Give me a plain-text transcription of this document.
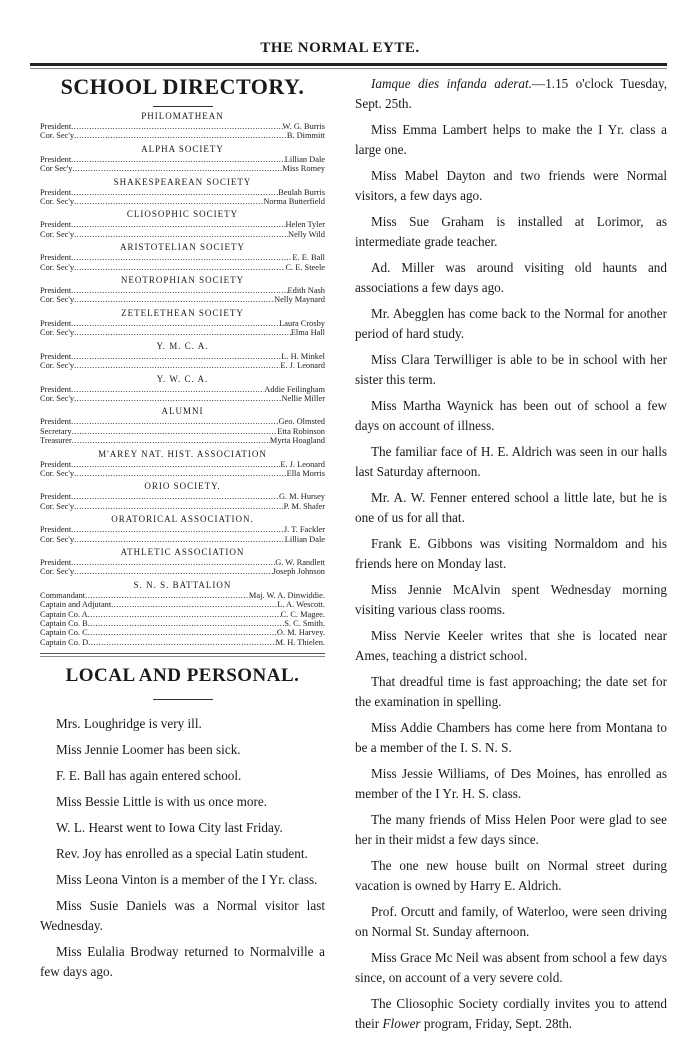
THE NORMAL EYTE.
SCHOOL DIRECTORY.
PHILOMATHEAN
President .....	W. G. Burris
Cor. Sec'y .....	B. Dimmitt
ALPHA SOCIETY
President .....	Lillian Dale
Cor Sec'y .....	Miss Romey
SHAKESPEAREAN SOCIETY
President .....	Beulah Burris
Cor. Sec'y .....	Norma Butterfield
CLIOSOPHIC SOCIETY
President .....	Helen Tyler
Cor. Sec'y .....	Nelly Wild
ARISTOTELIAN SOCIETY
President .....	E. E. Ball
Cor. Sec'y .....	C. E. Steele
NEOTROPHIAN SOCIETY
President .....	Edith Nash
Cor. Sec'y .....	Nelly Maynard
ZETELETHEAN SOCIETY
President .....	Laura Crosby
Cor. Sec'y .....	Elma Hall
Y. M. C. A.
President .....	L. H. Minkel
Cor. Sec'y .....	E. J. Leonard
Y. W. C. A.
President .....	Addie Feilingham
Cor. Sec'y .....	Nellie Miller
ALUMNI
President .....	Geo. Olmsted
Secretary .....	Etta Robinson
Treasurer .....	Myrta Hoagland
M'AREY NAT. HIST. ASSOCIATION
President .....	E. J. Leonard
Cor. Sec'y .....	Ella Morris
ORIO SOCIETY.
President .....	G. M. Hursey
Cor. Sec'y .....	P. M. Shafer
ORATORICAL ASSOCIATION.
President .....	J. T. Fackler
Cor. Sec'y .....	Lillian Dale
ATHLETIC ASSOCIATION
President .....	G. W. Randlett
Cor. Sec'y .....	Joseph Johnson
S. N. S. BATTALION
Commandant .....	Maj. W. A. Dinwiddie.
Captain and Adjutant .....	L. A. Wescott.
Captain Co. A .....	C. C. Magee.
Captain Co. B .....	S. C. Smith.
Captain Co. C .....	O. M. Harvey.
Captain Co. D .....	M. H. Thielen.
LOCAL AND PERSONAL.

Mrs. Loughridge is very ill.

Miss Jennie Loomer has been sick.

F. E. Ball has again entered school.

Miss Bessie Little is with us once more.

W. L. Hearst went to Iowa City last Friday.

Rev. Joy has enrolled as a special Latin student.

Miss Leona Vinton is a member of the I Yr. class.

Miss Susie Daniels was a Normal visitor last Wednesday.

Miss Eulalia Brodway returned to Normalville a few days ago.

Iamque dies infanda aderat.—1.15 o'clock Tuesday, Sept. 25th.

Miss Emma Lambert helps to make the I Yr. class a large one.

Miss Mabel Dayton and two friends were Normal visitors, a few days ago.

Miss Sue Graham is installed at Lorimor, as intermediate grade teacher.

Ad. Miller was around visiting old haunts and associations a few days ago.

Mr. Abegglen has come back to the Normal for another period of hard study.

Miss Clara Terwilliger is able to be in school with her sister this term.

Miss Martha Waynick has been out of school a few days on account of illness.

The familiar face of H. E. Aldrich was seen in our halls last Saturday afternoon.

Mr. A. W. Fenner entered school a little late, but he is one of us for all that.

Frank E. Gibbons was visiting Normaldom and his friends here on Monday last.

Miss Jennie McAlvin spent Wednesday morning visiting various class rooms.

Miss Nervie Keeler writes that she is located near Ames, teaching a district school.

That dreadful time is fast approaching; the date set for the examination in spelling.

Miss Addie Chambers has come here from Montana to be a member of the I. S. N. S.

Miss Jessie Williams, of Des Moines, has enrolled as member of the I Yr. H. S. class.

The many friends of Miss Helen Poor were glad to see her in their midst a few days since.

The one new house built on Normal street during vacation is owned by Harry E. Aldrich.

Prof. Orcutt and family, of Waterloo, were seen driving on Normal St. Sunday afternoon.

Miss Grace Mc Neil was absent from school a few days since, on account of a very severe cold.

The Cliosophic Society cordially invites you to attend their Flower program, Friday, Sept. 28th.
